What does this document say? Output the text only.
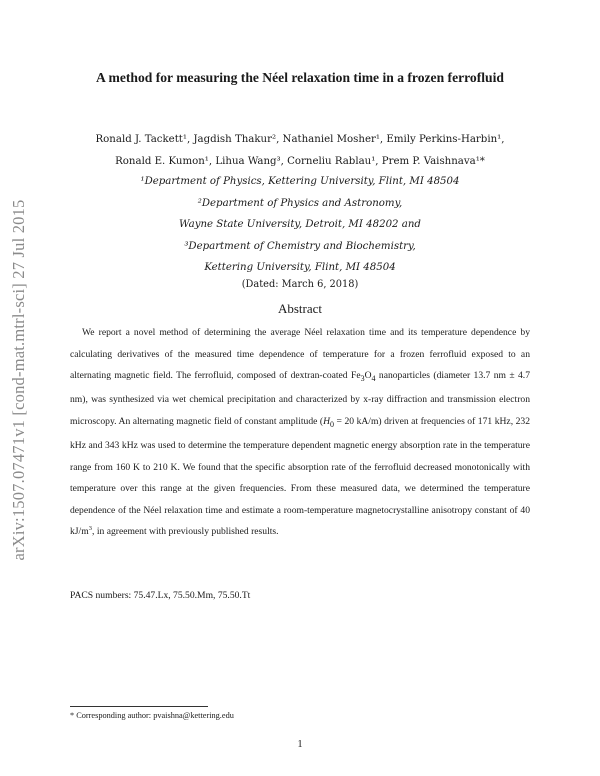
arXiv:1507.07471v1 [cond-mat.mtrl-sci] 27 Jul 2015
A method for measuring the Néel relaxation time in a frozen ferrofluid
Ronald J. Tackett¹, Jagdish Thakur², Nathaniel Mosher¹, Emily Perkins-Harbin¹,
Ronald E. Kumon¹, Lihua Wang³, Corneliu Rablau¹, Prem P. Vaishnava¹*
¹Department of Physics, Kettering University, Flint, MI 48504
²Department of Physics and Astronomy,
Wayne State University, Detroit, MI 48202 and
³Department of Chemistry and Biochemistry,
Kettering University, Flint, MI 48504
(Dated: March 6, 2018)
Abstract

We report a novel method of determining the average Néel relaxation time and its temperature dependence by calculating derivatives of the measured time dependence of temperature for a frozen ferrofluid exposed to an alternating magnetic field. The ferrofluid, composed of dextran-coated $Fe_3O_4$ nanoparticles (diameter 13.7 nm ± 4.7 nm), was synthesized via wet chemical precipitation and characterized by x-ray diffraction and transmission electron microscopy. An alternating magnetic field of constant amplitude ($H_0 = 20$ kA/m) driven at frequencies of 171 kHz, 232 kHz and 343 kHz was used to determine the temperature dependent magnetic energy absorption rate in the temperature range from 160 K to 210 K. We found that the specific absorption rate of the ferrofluid decreased monotonically with temperature over this range at the given frequencies. From these measured data, we determined the temperature dependence of the Néel relaxation time and estimate a room-temperature magnetocrystalline anisotropy constant of 40 $kJ/m^3$, in agreement with previously published results.

PACS numbers: 75.47.Lx, 75.50.Mm, 75.50.Tt
* Corresponding author: pvaishna@kettering.edu
1
